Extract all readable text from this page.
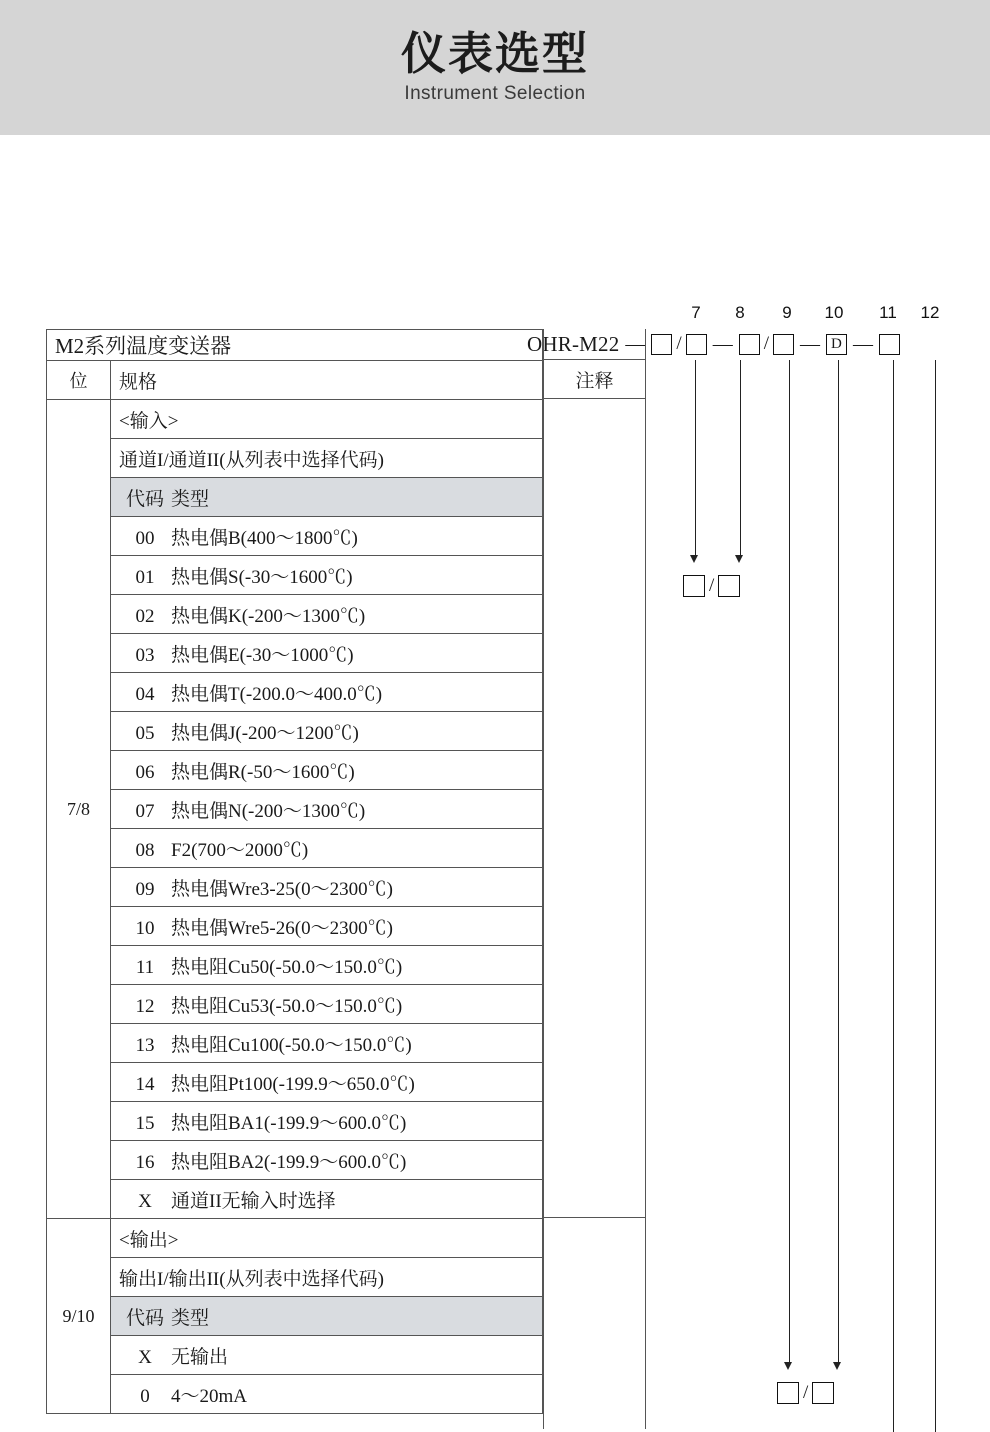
仪表选型
Instrument Selection
7	8	9	10 11 12
OHR-M22 — / — / — D —
/
/
注释
M2系列温度变送器	
位	规格
7/8	<输入>
	通道I/通道II(从列表中选择代码)
	代码 类型
	00 热电偶B(400～1800℃)
	01 热电偶S(-30～1600℃)
	02 热电偶K(-200～1300℃)
	03 热电偶E(-30～1000℃)
	04 热电偶T(-200.0～400.0℃)
	05 热电偶J(-200～1200℃)
	06 热电偶R(-50～1600℃)
	07 热电偶N(-200～1300℃)
	08 F2(700～2000℃)
	09 热电偶Wre3-25(0～2300℃)
	10 热电偶Wre5-26(0～2300℃)
	11 热电阻Cu50(-50.0～150.0℃)
	12 热电阻Cu53(-50.0～150.0℃)
	13 热电阻Cu100(-50.0～150.0℃)
	14 热电阻Pt100(-199.9～650.0℃)
	15 热电阻BA1(-199.9～600.0℃)
	16 热电阻BA2(-199.9～600.0℃)
	X 通道II无输入时选择
9/10	<输出>
	输出I/输出II(从列表中选择代码)
	代码 类型
	X 无输出
	0 4～20mA
